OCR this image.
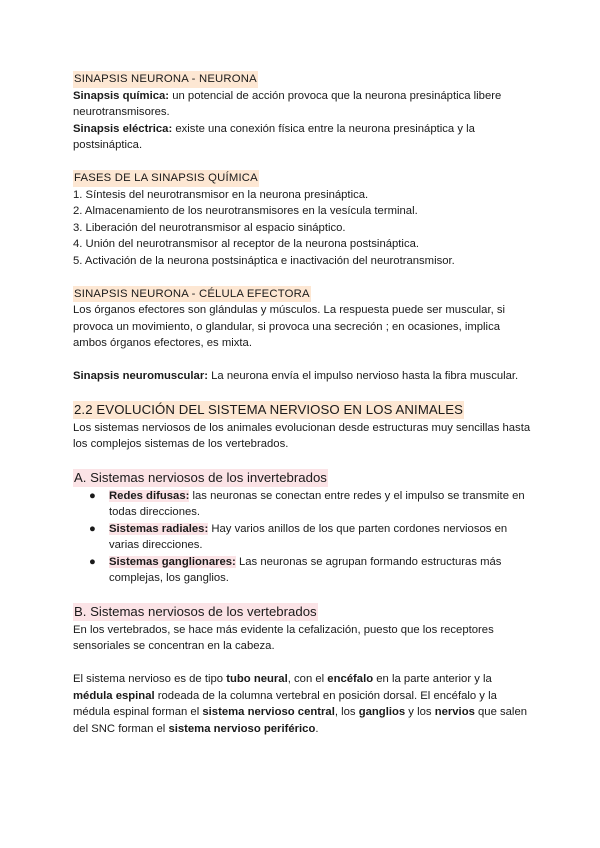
SINAPSIS NEURONA - NEURONA

Sinapsis química: un potencial de acción provoca que la neurona presináptica libere neurotransmisores.

Sinapsis eléctrica: existe una conexión física entre la neurona presináptica y la postsináptica.

FASES DE LA SINAPSIS QUÍMICA

1. Síntesis del neurotransmisor en la neurona presináptica.

2. Almacenamiento de los neurotransmisores en la vesícula terminal.

3. Liberación del neurotransmisor al espacio sináptico.

4. Unión del neurotransmisor al receptor de la neurona postsináptica.

5. Activación de la neurona postsináptica e inactivación del neurotransmisor.

SINAPSIS NEURONA - CÉLULA EFECTORA

Los órganos efectores son glándulas y músculos. La respuesta puede ser muscular, si provoca un movimiento, o glandular, si provoca una secreción ; en ocasiones, implica ambos órganos efectores, es mixta.

Sinapsis neuromuscular: La neurona envía el impulso nervioso hasta la fibra muscular.

2.2 EVOLUCIÓN DEL SISTEMA NERVIOSO EN LOS ANIMALES

Los sistemas nerviosos de los animales evolucionan desde estructuras muy sencillas hasta los complejos sistemas de los vertebrados.

A. Sistemas nerviosos de los invertebrados

● Redes difusas: las neuronas se conectan entre redes y el impulso se transmite en todas direcciones.
● Sistemas radiales: Hay varios anillos de los que parten cordones nerviosos en varias direcciones.
● Sistemas ganglionares: Las neuronas se agrupan formando estructuras más complejas, los ganglios.

B. Sistemas nerviosos de los vertebrados

En los vertebrados, se hace más evidente la cefalización, puesto que los receptores sensoriales se concentran en la cabeza.

El sistema nervioso es de tipo tubo neural, con el encéfalo en la parte anterior y la médula espinal rodeada de la columna vertebral en posición dorsal. El encéfalo y la médula espinal forman el sistema nervioso central, los ganglios y los nervios que salen del SNC forman el sistema nervioso periférico.
